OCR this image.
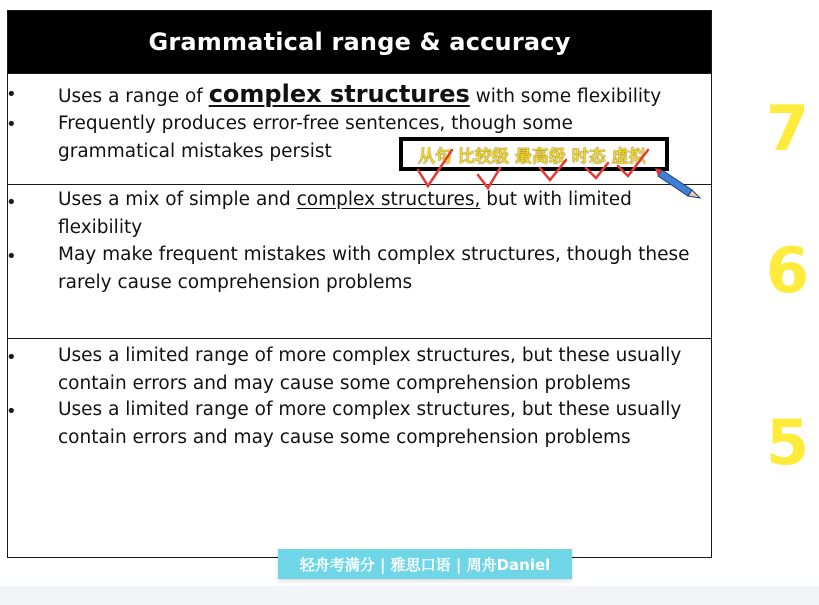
Grammatical range & accuracy
• Uses a range of complex structures with some flexibility
• Frequently produces error-free sentences, though some
grammatical mistakes persist	从句 比较级 最高级 时态 虚拟
• Uses a mix of simple and complex structures, but with limited
flexibility
• May make frequent mistakes with complex structures, though these
rarely cause comprehension problems
• Uses a limited range of more complex structures, but these usually
contain errors and may cause some comprehension problems
• Uses a limited range of more complex structures, but these usually
contain errors and may cause some comprehension problems
7
6
5
轻舟考满分 | 雅思口语 | 周舟Daniel
